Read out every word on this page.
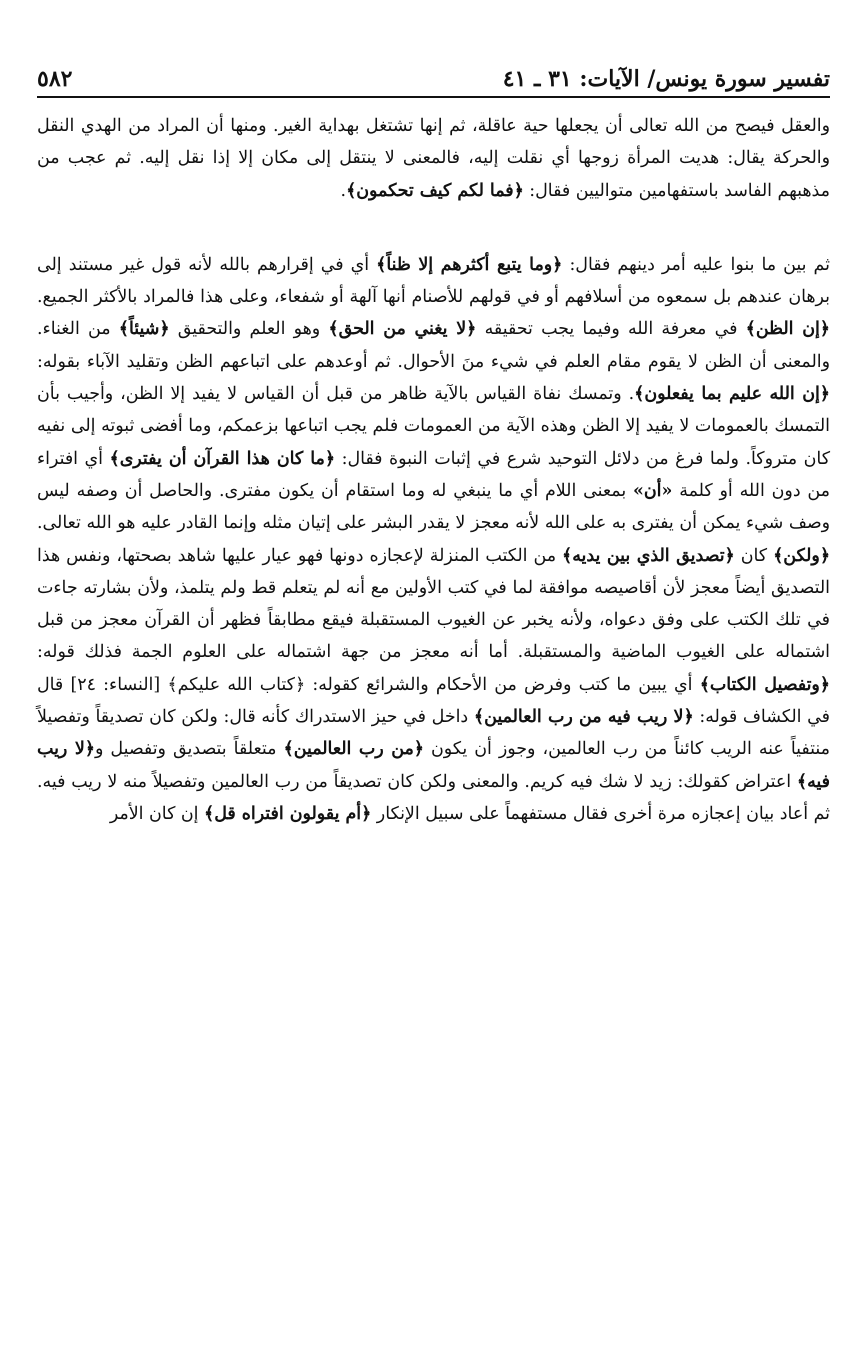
تفسير سورة يونس/ الآيات: ٣١ ـ ٤١
٥٨٢

والعقل فيصح من الله تعالى أن يجعلها حية عاقلة، ثم إنها تشتغل بهداية الغير. ومنها أن المراد من الهدي النقل والحركة يقال: هديت المرأة زوجها أي نقلت إليه، فالمعنى لا ينتقل إلى مكان إلا إذا نقل إليه. ثم عجب من مذهبهم الفاسد باستفهامين متواليين فقال: ﴿فما لكم كيف تحكمون﴾.

ثم بين ما بنوا عليه أمر دينهم فقال: ﴿وما يتبع أكثرهم إلا ظناً﴾ أي في إقرارهم بالله لأنه قول غير مستند إلى برهان عندهم بل سمعوه من أسلافهم أو في قولهم للأصنام أنها آلهة أو شفعاء، وعلى هذا فالمراد بالأكثر الجميع. ﴿إن الظن﴾ في معرفة الله وفيما يجب تحقيقه ﴿لا يغني من الحق﴾ وهو العلم والتحقيق ﴿شيئاً﴾ من الغناء. والمعنى أن الظن لا يقوم مقام العلم في شيء منَ الأحوال. ثم أوعدهم على اتباعهم الظن وتقليد الآباء بقوله: ﴿إن الله عليم بما يفعلون﴾. وتمسك نفاة القياس بالآية ظاهر من قبل أن القياس لا يفيد إلا الظن، وأجيب بأن التمسك بالعمومات لا يفيد إلا الظن وهذه الآية من العمومات فلم يجب اتباعها بزعمكم، وما أفضى ثبوته إلى نفيه كان متروكاً. ولما فرغ من دلائل التوحيد شرع في إثبات النبوة فقال: ﴿ما كان هذا القرآن أن يفترى﴾ أي افتراء من دون الله أو كلمة «أن» بمعنى اللام أي ما ينبغي له وما استقام أن يكون مفترى. والحاصل أن وصفه ليس وصف شيء يمكن أن يفترى به على الله لأنه معجز لا يقدر البشر على إتيان مثله وإنما القادر عليه هو الله تعالى. ﴿ولكن﴾ كان ﴿تصديق الذي بين يديه﴾ من الكتب المنزلة لإعجازه دونها فهو عيار عليها شاهد بصحتها، ونفس هذا التصديق أيضاً معجز لأن أقاصيصه موافقة لما في كتب الأولين مع أنه لم يتعلم قط ولم يتلمذ، ولأن بشارته جاءت في تلك الكتب على وفق دعواه، ولأنه يخبر عن الغيوب المستقبلة فيقع مطابقاً فظهر أن القرآن معجز من قبل اشتماله على الغيوب الماضية والمستقبلة. أما أنه معجز من جهة اشتماله على العلوم الجمة فذلك قوله: ﴿وتفصيل الكتاب﴾ أي يبين ما كتب وفرض من الأحكام والشرائع كقوله: ﴿كتاب الله عليكم﴾ [النساء: ٢٤] قال في الكشاف قوله: ﴿لا ريب فيه من رب العالمين﴾ داخل في حيز الاستدراك كأنه قال: ولكن كان تصديقاً وتفصيلاً منتفياً عنه الريب كائناً من رب العالمين، وجوز أن يكون ﴿من رب العالمين﴾ متعلقاً بتصديق وتفصيل و﴿لا ريب فيه﴾ اعتراض كقولك: زيد لا شك فيه كريم. والمعنى ولكن كان تصديقاً من رب العالمين وتفصيلاً منه لا ريب فيه. ثم أعاد بيان إعجازه مرة أخرى فقال مستفهماً على سبيل الإنكار ﴿أم يقولون افتراه قل﴾ إن كان الأمر
